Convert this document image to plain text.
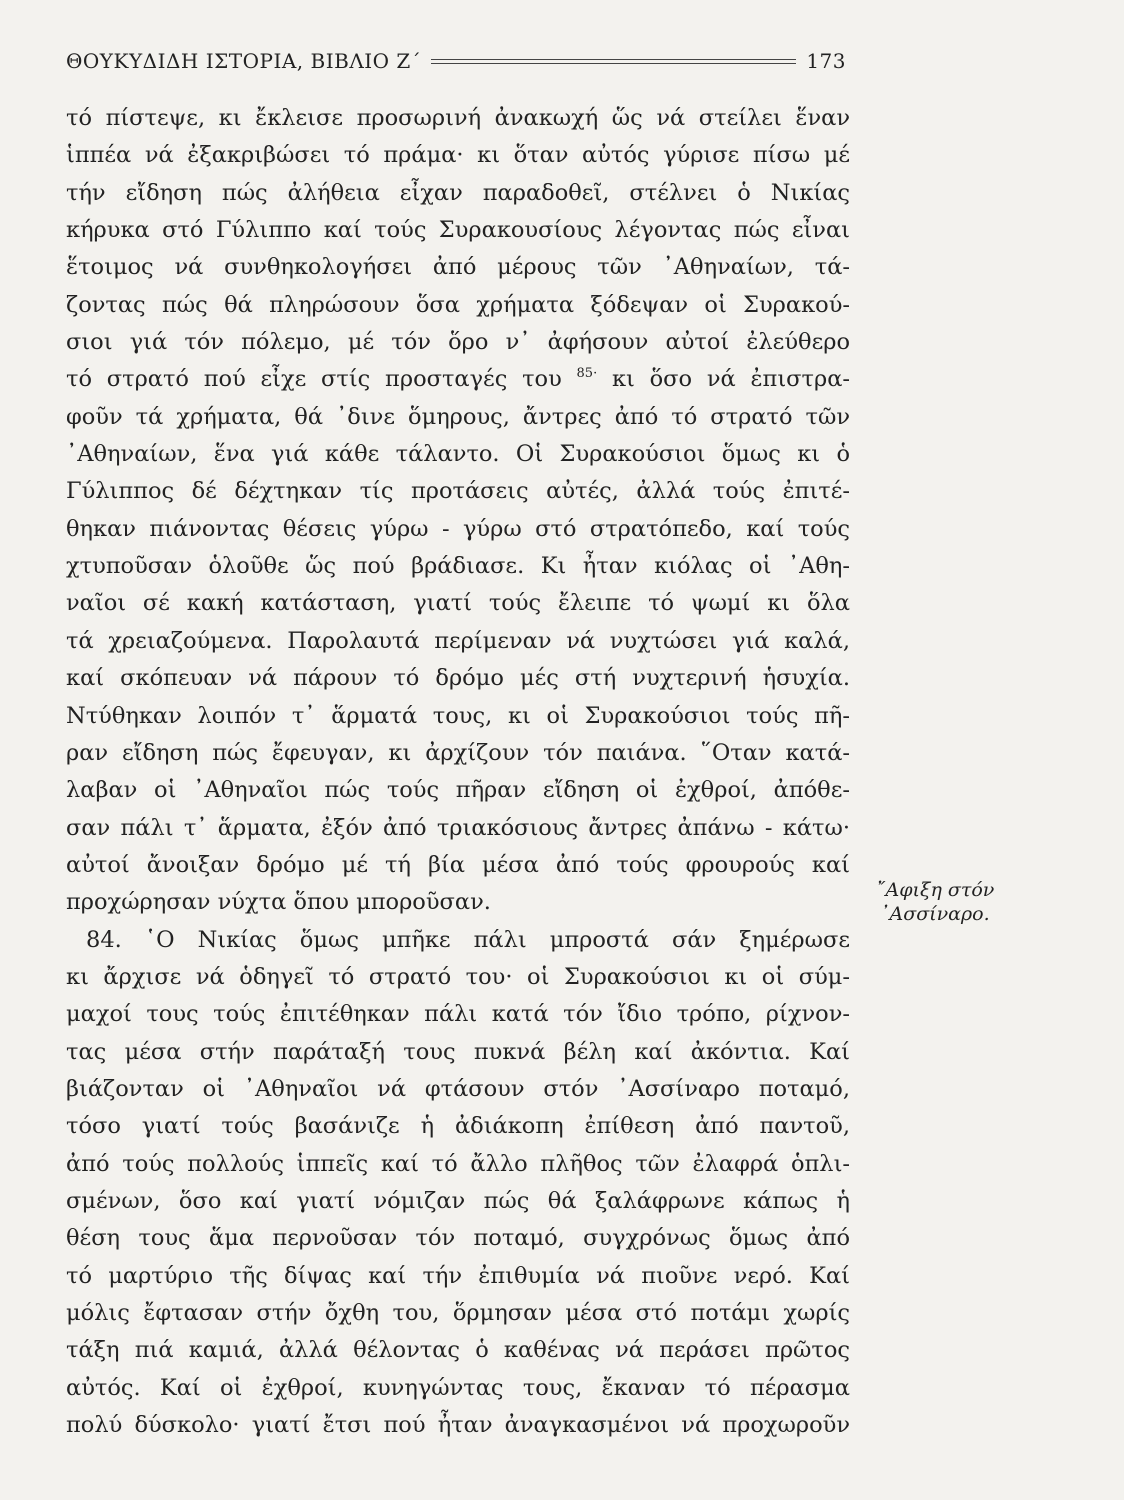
ΘΟΥΚΥΔΙΔΗ ΙΣΤΟΡΙΑ, ΒΙΒΛΙΟ Ζ΄	173
τό πίστεψε, κι ἔκλεισε προσωρινή ἀνακωχή ὥς νά στείλει ἕναν
ἱππέα νά ἐξακριβώσει τό πράμα· κι ὅταν αὐτός γύρισε πίσω μέ
τήν εἴδηση πώς ἀλήθεια εἶχαν παραδοθεῖ, στέλνει ὁ Νικίας
κήρυκα στό Γύλιππο καί τούς Συρακουσίους λέγοντας πώς εἶναι
ἕτοιμος νά συνθηκολογήσει ἀπό μέρους τῶν ᾽Αθηναίων, τά-
ζοντας πώς θά πληρώσουν ὅσα χρήματα ξόδεψαν οἱ Συρακού-
σιοι γιά τόν πόλεμο, μέ τόν ὅρο ν᾽ ἀφήσουν αὐτοί ἐλεύθερο
τό στρατό πού εἶχε στίς προσταγές του $^{85\cdot}$ κι ὅσο νά ἐπιστρα-
φοῦν τά χρήματα, θά ᾽δινε ὅμηρους, ἄντρες ἀπό τό στρατό τῶν
᾽Αθηναίων, ἕνα γιά κάθε τάλαντο. Οἱ Συρακούσιοι ὅμως κι ὁ
Γύλιππος δέ δέχτηκαν τίς προτάσεις αὐτές, ἀλλά τούς ἐπιτέ-
θηκαν πιάνοντας θέσεις γύρω - γύρω στό στρατόπεδο, καί τούς
χτυποῦσαν ὁλοῦθε ὥς πού βράδιασε. Κι ἦταν κιόλας οἱ ᾽Αθη-
ναῖοι σέ κακή κατάσταση, γιατί τούς ἔλειπε τό ψωμί κι ὅλα
τά χρειαζούμενα. Παρολαυτά περίμεναν νά νυχτώσει γιά καλά,
καί σκόπευαν νά πάρουν τό δρόμο μές στή νυχτερινή ἡσυχία.
Ντύθηκαν λοιπόν τ᾽ ἅρματά τους, κι οἱ Συρακούσιοι τούς πῆ-
ραν εἴδηση πώς ἔφευγαν, κι ἀρχίζουν τόν παιάνα. ῞Οταν κατά-
λαβαν οἱ ᾽Αθηναῖοι πώς τούς πῆραν εἴδηση οἱ ἐχθροί, ἀπόθε-
σαν πάλι τ᾽ ἅρματα, ἐξόν ἀπό τριακόσιους ἄντρες ἀπάνω - κάτω·
αὐτοί ἄνοιξαν δρόμο μέ τή βία μέσα ἀπό τούς φρουρούς καί
προχώρησαν νύχτα ὅπου μποροῦσαν.
84. ῾Ο Νικίας ὅμως μπῆκε πάλι μπροστά σάν ξημέρωσε
κι ἄρχισε νά ὁδηγεῖ τό στρατό του· οἱ Συρακούσιοι κι οἱ σύμ-
μαχοί τους τούς ἐπιτέθηκαν πάλι κατά τόν ἴδιο τρόπο, ρίχνον-
τας μέσα στήν παράταξή τους πυκνά βέλη καί ἀκόντια. Καί
βιάζονταν οἱ ᾽Αθηναῖοι νά φτάσουν στόν ᾽Ασσίναρο ποταμό,
τόσο γιατί τούς βασάνιζε ἡ ἀδιάκοπη ἐπίθεση ἀπό παντοῦ,
ἀπό τούς πολλούς ἱππεῖς καί τό ἄλλο πλῆθος τῶν ἐλαφρά ὁπλι-
σμένων, ὅσο καί γιατί νόμιζαν πώς θά ξαλάφρωνε κάπως ἡ
θέση τους ἅμα περνοῦσαν τόν ποταμό, συγχρόνως ὅμως ἀπό
τό μαρτύριο τῆς δίψας καί τήν ἐπιθυμία νά πιοῦνε νερό. Καί
μόλις ἔφτασαν στήν ὄχθη του, ὅρμησαν μέσα στό ποτάμι χωρίς
τάξη πιά καμιά, ἀλλά θέλοντας ὁ καθένας νά περάσει πρῶτος
αὐτός. Καί οἱ ἐχθροί, κυνηγώντας τους, ἔκαναν τό πέρασμα
πολύ δύσκολο· γιατί ἔτσι πού ἦταν ἀναγκασμένοι νά προχωροῦν
῎Αφιξη στόν
᾽Ασσίναρο.
